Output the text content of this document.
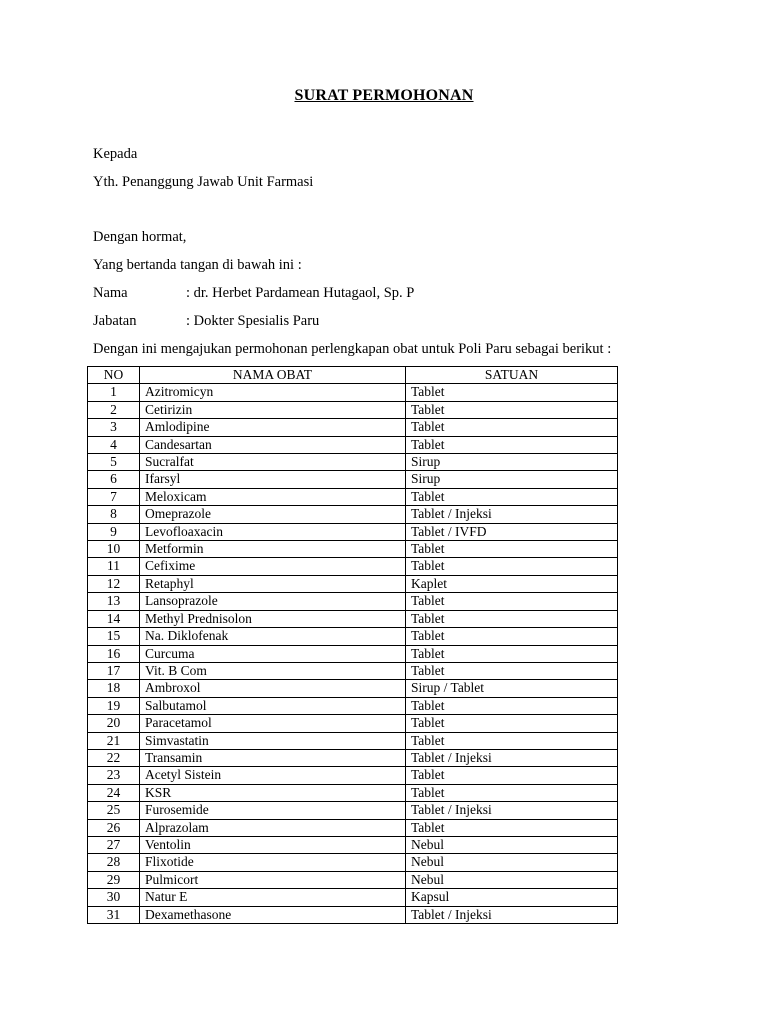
SURAT PERMOHONAN
Kepada
Yth. Penanggung Jawab Unit Farmasi
Dengan hormat,
Yang bertanda tangan di bawah ini :
Nama	: dr. Herbet Pardamean Hutagaol, Sp. P
Jabatan	: Dokter Spesialis Paru
Dengan ini mengajukan permohonan perlengkapan obat untuk Poli Paru sebagai berikut :
NO	NAMA OBAT	SATUAN
1	Azitromicyn	Tablet
2	Cetirizin	Tablet
3	Amlodipine	Tablet
4	Candesartan	Tablet
5	Sucralfat	Sirup
6	Ifarsyl	Sirup
7	Meloxicam	Tablet
8	Omeprazole	Tablet / Injeksi
9	Levofloaxacin	Tablet / IVFD
10	Metformin	Tablet
11	Cefixime	Tablet
12	Retaphyl	Kaplet
13	Lansoprazole	Tablet
14	Methyl Prednisolon	Tablet
15	Na. Diklofenak	Tablet
16	Curcuma	Tablet
17	Vit. B Com	Tablet
18	Ambroxol	Sirup / Tablet
19	Salbutamol	Tablet
20	Paracetamol	Tablet
21	Simvastatin	Tablet
22	Transamin	Tablet / Injeksi
23	Acetyl Sistein	Tablet
24	KSR	Tablet
25	Furosemide	Tablet / Injeksi
26	Alprazolam	Tablet
27	Ventolin	Nebul
28	Flixotide	Nebul
29	Pulmicort	Nebul
30	Natur E	Kapsul
31	Dexamethasone	Tablet / Injeksi
